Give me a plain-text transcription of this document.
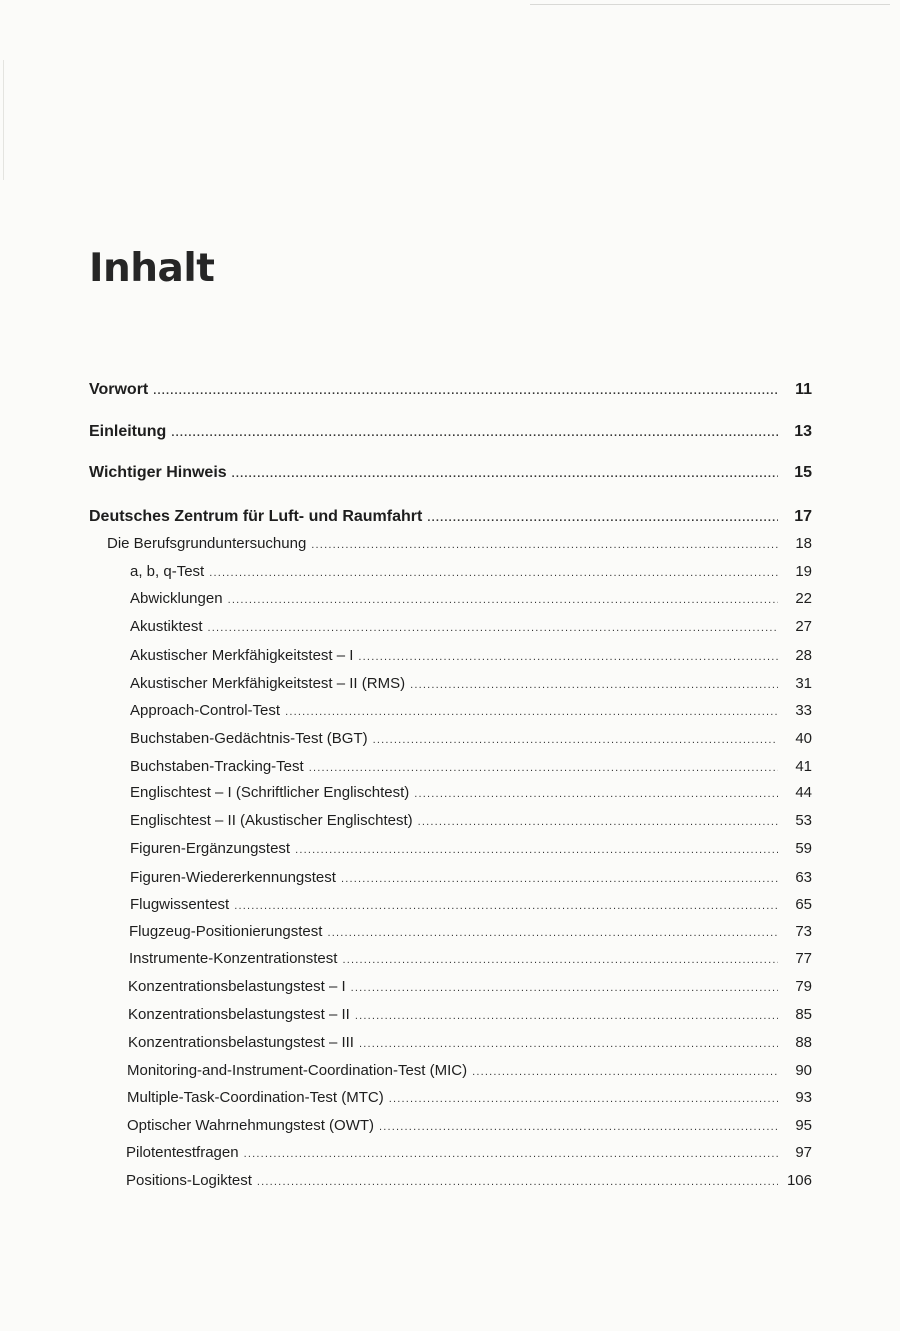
Inhalt
Vorwort .....	11
Einleitung .....	13
Wichtiger Hinweis .....	15
Deutsches Zentrum für Luft- und Raumfahrt .....	17
Die Berufsgrunduntersuchung .....	18
a, b, q-Test .....	19
Abwicklungen .....	22
Akustiktest .....	27
Akustischer Merkfähigkeitstest – I .....	28
Akustischer Merkfähigkeitstest – II (RMS) .....	31
Approach-Control-Test .....	33
Buchstaben-Gedächtnis-Test (BGT) .....	40
Buchstaben-Tracking-Test .....	41
Englischtest – I (Schriftlicher Englischtest) .....	44
Englischtest – II (Akustischer Englischtest) .....	53
Figuren-Ergänzungstest .....	59
Figuren-Wiedererkennungstest .....	63
Flugwissentest .....	65
Flugzeug-Positionierungstest .....	73
Instrumente-Konzentrationstest .....	77
Konzentrationsbelastungstest – I .....	79
Konzentrationsbelastungstest – II .....	85
Konzentrationsbelastungstest – III .....	88
Monitoring-and-Instrument-Coordination-Test (MIC) .....	90
Multiple-Task-Coordination-Test (MTC) .....	93
Optischer Wahrnehmungstest (OWT) .....	95
Pilotentestfragen .....	97
Positions-Logiktest .....	106
